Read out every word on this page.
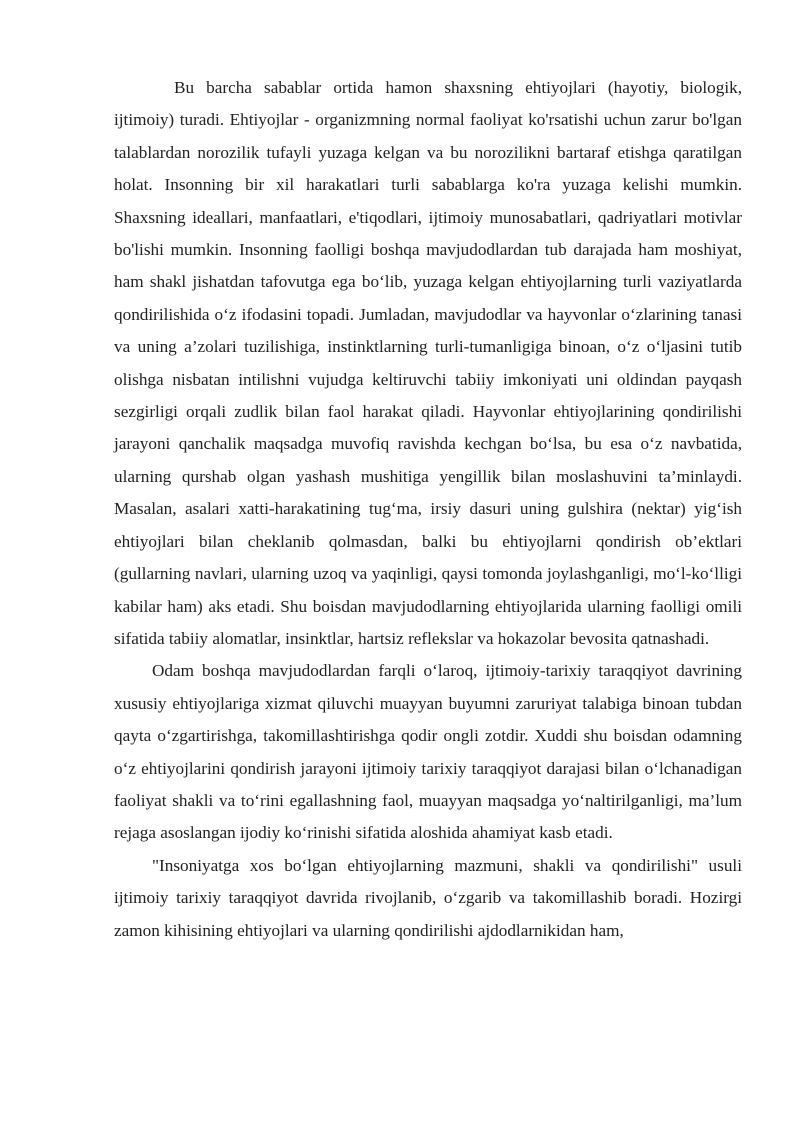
Bu barcha sabablar ortida hamon shaxsning ehtiyojlari (hayotiy, biologik, ijtimoiy) turadi. Ehtiyojlar - organizmning normal faoliyat ko'rsatishi uchun zarur bo'lgan talablardan norozilik tufayli yuzaga kelgan va bu norozilikni bartaraf etishga qaratilgan holat. Insonning bir xil harakatlari turli sabablarga ko'ra yuzaga kelishi mumkin. Shaxsning ideallari, manfaatlari, e'tiqodlari, ijtimoiy munosabatlari, qadriyatlari motivlar bo'lishi mumkin. Insonning faolligi boshqa mavjudodlardan tub darajada ham moshiyat, ham shakl jishatdan tafovutga ega bo‘lib, yuzaga kelgan ehtiyojlarning turli vaziyatlarda qondirilishida o‘z ifodasini topadi. Jumladan, mavjudodlar va hayvonlar o‘zlarining tanasi va uning a’zolari tuzilishiga, instinktlarning turli-tumanligiga binoan, o‘z o‘ljasini tutib olishga nisbatan intilishni vujudga keltiruvchi tabiiy imkoniyati uni oldindan payqash sezgirligi orqali zudlik bilan faol harakat qiladi. Hayvonlar ehtiyojlarining qondirilishi jarayoni qanchalik maqsadga muvofiq ravishda kechgan bo‘lsa, bu esa o‘z navbatida, ularning qurshab olgan yashash mushitiga yengillik bilan moslashuvini ta’minlaydi. Masalan, asalari xatti-harakatining tug‘ma, irsiy dasuri uning gulshira (nektar) yig‘ish ehtiyojlari bilan cheklanib qolmasdan, balki bu ehtiyojlarni qondirish ob’ektlari (gullarning navlari, ularning uzoq va yaqinligi, qaysi tomonda joylashganligi, mo‘l-ko‘lligi kabilar ham) aks etadi. Shu boisdan mavjudodlarning ehtiyojlarida ularning faolligi omili sifatida tabiiy alomatlar, insinktlar, hartsiz reflekslar va hokazolar bevosita qatnashadi.

Odam boshqa mavjudodlardan farqli o‘laroq, ijtimoiy-tarixiy taraqqiyot davrining xususiy ehtiyojlariga xizmat qiluvchi muayyan buyumni zaruriyat talabiga binoan tubdan qayta o‘zgartirishga, takomillashtirishga qodir ongli zotdir. Xuddi shu boisdan odamning o‘z ehtiyojlarini qondirish jarayoni ijtimoiy tarixiy taraqqiyot darajasi bilan o‘lchanadigan faoliyat shakli va to‘rini egallashning faol, muayyan maqsadga yo‘naltirilganligi, ma’lum rejaga asoslangan ijodiy ko‘rinishi sifatida aloshida ahamiyat kasb etadi.

"Insoniyatga xos bo‘lgan ehtiyojlarning mazmuni, shakli va qondirilishi" usuli ijtimoiy tarixiy taraqqiyot davrida rivojlanib, o‘zgarib va takomillashib boradi. Hozirgi zamon kihisining ehtiyojlari va ularning qondirilishi ajdodlarnikidan ham,
